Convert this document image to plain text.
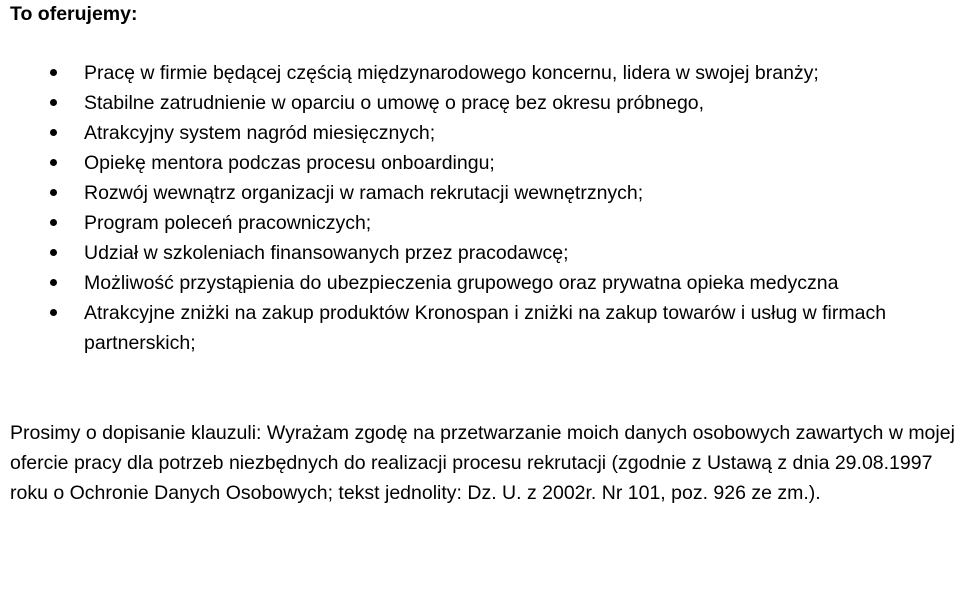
To oferujemy:
Pracę w firmie będącej częścią międzynarodowego koncernu, lidera w swojej branży;
Stabilne zatrudnienie w oparciu o umowę o pracę bez okresu próbnego,
Atrakcyjny system nagród miesięcznych;
Opiekę mentora podczas procesu onboardingu;
Rozwój wewnątrz organizacji w ramach rekrutacji wewnętrznych;
Program poleceń pracowniczych;
Udział w szkoleniach finansowanych przez pracodawcę;
Możliwość przystąpienia do ubezpieczenia grupowego oraz prywatna opieka medyczna
Atrakcyjne zniżki na zakup produktów Kronospan i zniżki na zakup towarów i usług w firmach partnerskich;

Prosimy o dopisanie klauzuli: Wyrażam zgodę na przetwarzanie moich danych osobowych zawartych w mojej ofercie pracy dla potrzeb niezbędnych do realizacji procesu rekrutacji (zgodnie z Ustawą z dnia 29.08.1997 roku o Ochronie Danych Osobowych; tekst jednolity: Dz. U. z 2002r. Nr 101, poz. 926 ze zm.).
